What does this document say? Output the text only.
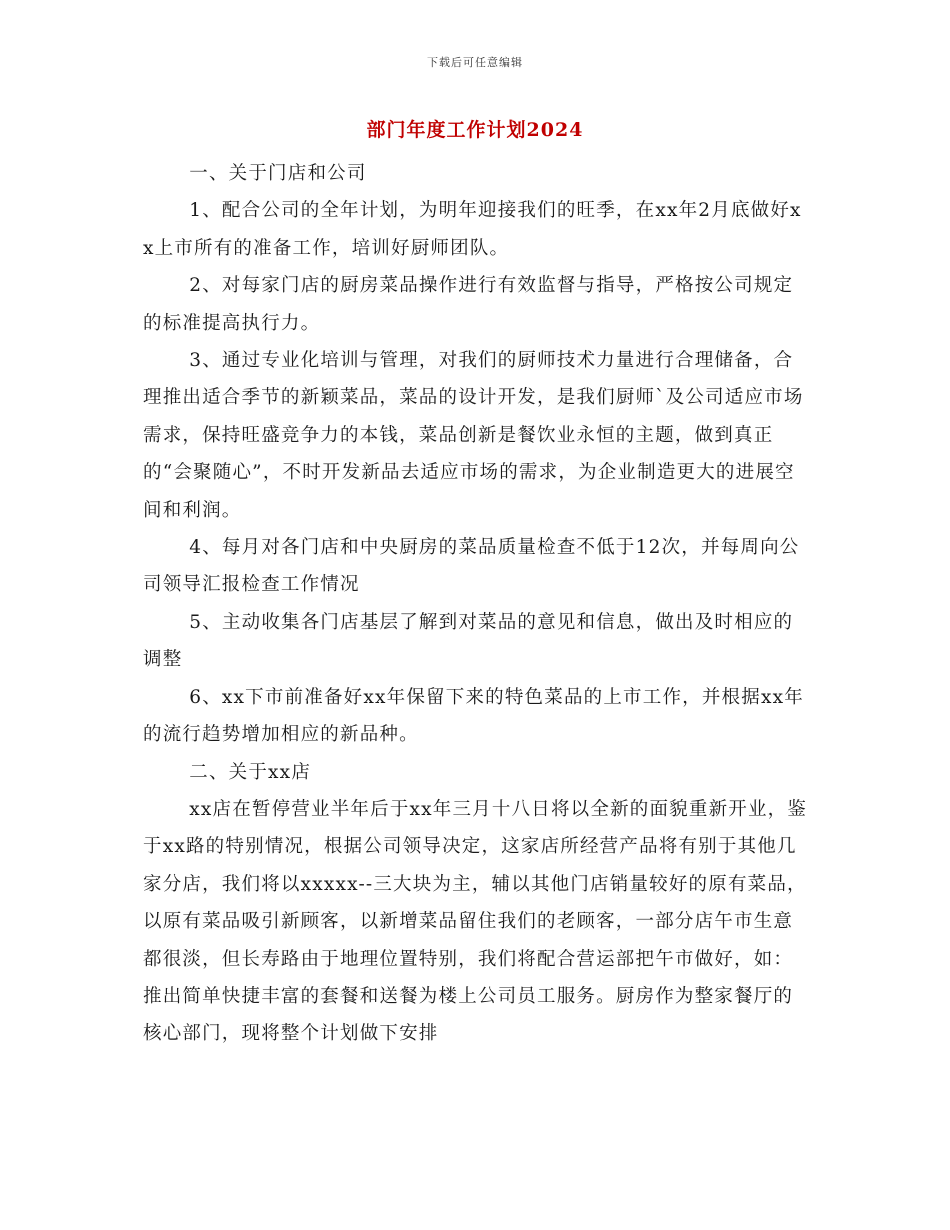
下载后可任意编辑
部门年度工作计划2024

一、关于门店和公司

1、配合公司的全年计划，为明年迎接我们的旺季，在xx年2月底做好xx上市所有的准备工作，培训好厨师团队。

2、对每家门店的厨房菜品操作进行有效监督与指导，严格按公司规定的标准提高执行力。

3、通过专业化培训与管理，对我们的厨师技术力量进行合理储备，合理推出适合季节的新颖菜品，菜品的设计开发，是我们厨师`及公司适应市场需求，保持旺盛竞争力的本钱，菜品创新是餐饮业永恒的主题，做到真正的“会聚随心”，不时开发新品去适应市场的需求，为企业制造更大的进展空间和利润。

4、每月对各门店和中央厨房的菜品质量检查不低于12次，并每周向公司领导汇报检查工作情况

5、主动收集各门店基层了解到对菜品的意见和信息，做出及时相应的调整

6、xx下市前准备好xx年保留下来的特色菜品的上市工作，并根据xx年的流行趋势增加相应的新品种。

二、关于xx店

xx店在暂停营业半年后于xx年三月十八日将以全新的面貌重新开业，鉴于xx路的特别情况，根据公司领导决定，这家店所经营产品将有别于其他几家分店，我们将以xxxxx--三大块为主，辅以其他门店销量较好的原有菜品，以原有菜品吸引新顾客，以新增菜品留住我们的老顾客，一部分店午市生意都很淡，但长寿路由于地理位置特别，我们将配合营运部把午市做好，如：推出简单快捷丰富的套餐和送餐为楼上公司员工服务。厨房作为整家餐厅的核心部门，现将整个计划做下安排
